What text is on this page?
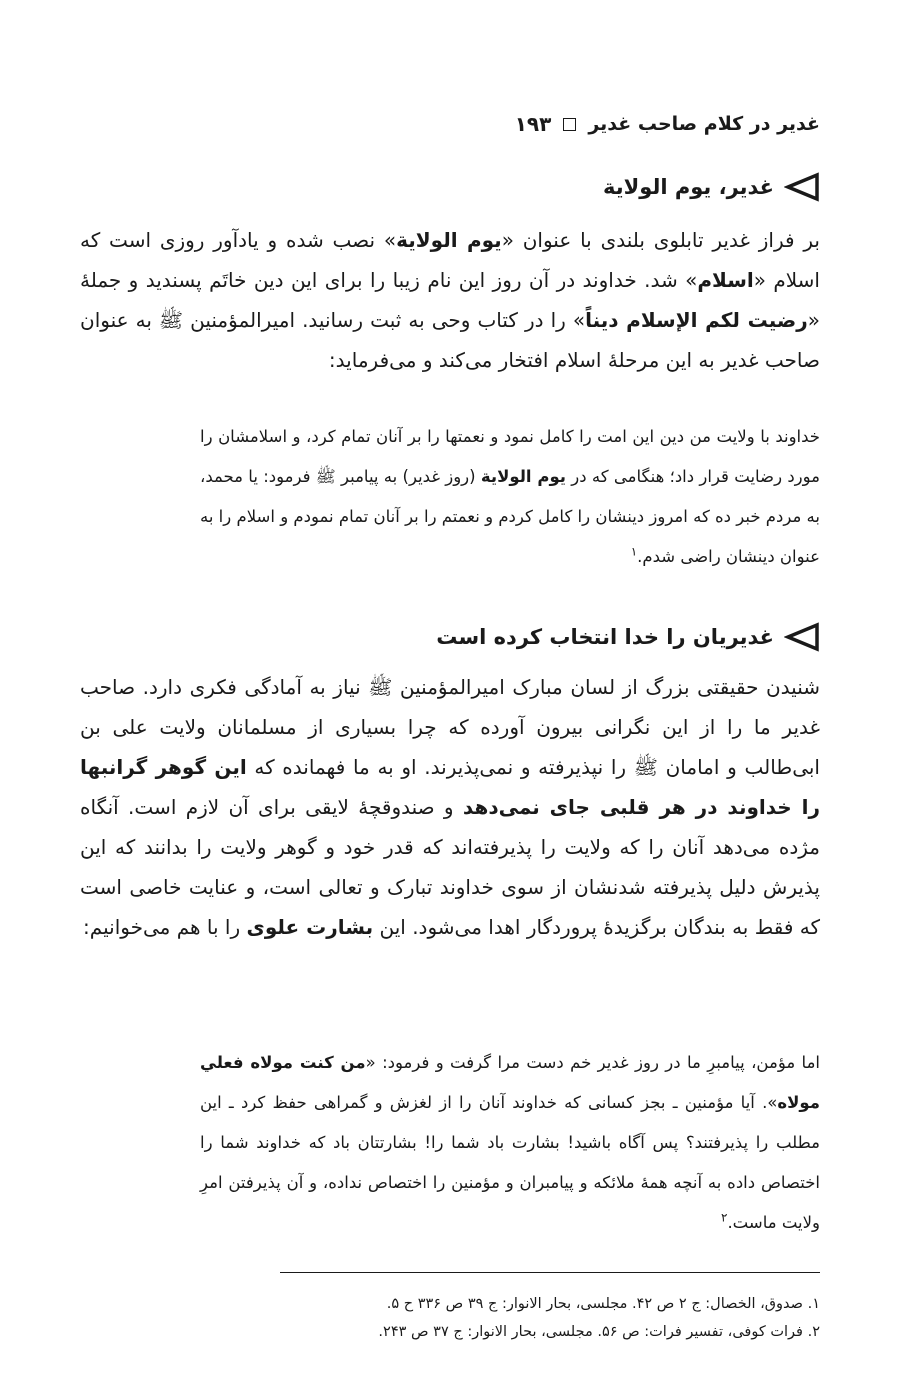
غدیر در کلام صاحب غدیر
۱۹۳
غدیر، یوم الولایة
بر فراز غدیر تابلوی بلندی با عنوان «یوم الولایة» نصب شده و یادآور روزی است که اسلام «اسلام» شد. خداوند در آن روز این نام زیبا را برای این دین خاتَم پسندید و جملهٔ «رضیت لکم الإسلام دیناً» را در کتاب وحی به ثبت رسانید. امیرالمؤمنین ﷺ به عنوان صاحب غدیر به این مرحلهٔ اسلام افتخار می‌کند و می‌فرماید:
خداوند با ولایت من دین این امت را کامل نمود و نعمتها را بر آنان تمام کرد، و اسلامشان را مورد رضایت قرار داد؛ هنگامی که در یوم الولایة (روز غدیر) به پیامبر ﷺ فرمود: یا محمد، به مردم خبر ده که امروز دینشان را کامل کردم و نعمتم را بر آنان تمام نمودم و اسلام را به عنوان دینشان راضی شدم.$^۱$
غدیریان را خدا انتخاب کرده است
شنیدن حقیقتی بزرگ از لسان مبارک امیرالمؤمنین ﷺ نیاز به آمادگی فکری دارد. صاحب غدیر ما را از این نگرانی بیرون آورده که چرا بسیاری از مسلمانان ولایت علی بن ابی‌طالب و امامان ﷺ را نپذیرفته و نمی‌پذیرند. او به ما فهمانده که این گوهر گرانبها را خداوند در هر قلبی جای نمی‌دهد و صندوقچهٔ لایقی برای آن لازم است. آنگاه مژده می‌دهد آنان را که ولایت را پذیرفته‌اند که قدر خود و گوهر ولایت را بدانند که این پذیرش دلیل پذیرفته شدنشان از سوی خداوند تبارک و تعالی است، و عنایت خاصی است که فقط به بندگان برگزیدهٔ پروردگار اهدا می‌شود. این بشارت علوی را با هم می‌خوانیم:
اما مؤمن، پیامبرِ ما در روز غدیر خم دست مرا گرفت و فرمود: «من کنت مولاه فعلي مولاه». آیا مؤمنین ـ بجز کسانی که خداوند آنان را از لغزش و گمراهی حفظ کرد ـ این مطلب را پذیرفتند؟ پس آگاه باشید! بشارت باد شما را! بشارتتان باد که خداوند شما را اختصاص داده به آنچه همهٔ ملائکه و پیامبران و مؤمنین را اختصاص نداده، و آن پذیرفتن امرِ ولایت ماست.$^۲$
۱. صدوق، الخصال: ج ۲ ص ۴۲. مجلسی، بحار الانوار: ج ۳۹ ص ۳۳۶ ح ۵.
۲. فرات کوفی، تفسیر فرات: ص ۵۶. مجلسی، بحار الانوار: ج ۳۷ ص ۲۴۳.
